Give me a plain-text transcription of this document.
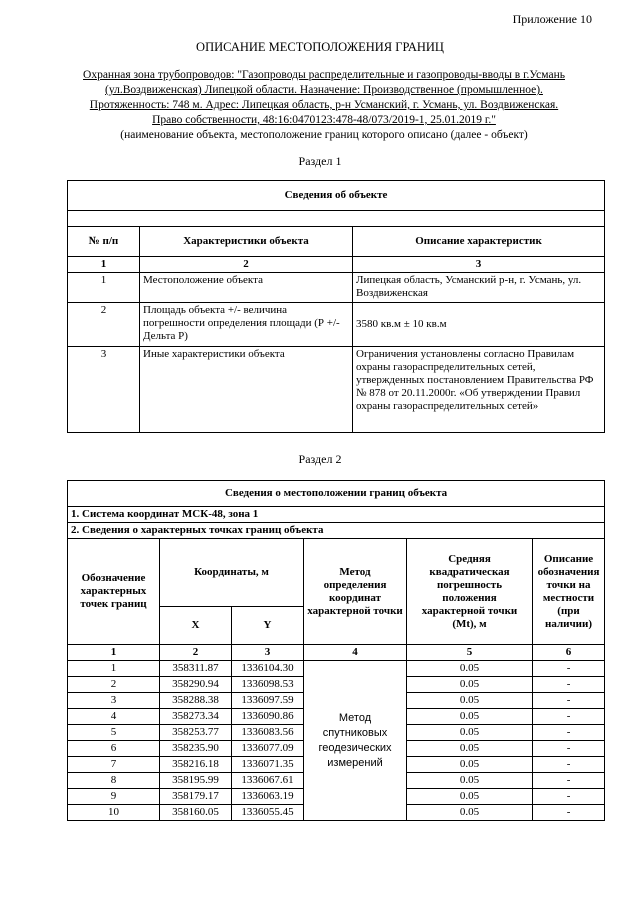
Приложение 10
ОПИСАНИЕ МЕСТОПОЛОЖЕНИЯ ГРАНИЦ
Охранная зона трубопроводов: "Газопроводы распределительные и газопроводы-вводы в г.Усмань
(ул.Воздвиженская) Липецкой области. Назначение: Производственное (промышленное).
Протяженность: 748 м. Адрес: Липецкая область, р-н Усманский, г. Усмань, ул. Воздвиженская.
Право собственности, 48:16:0470123:478-48/073/2019-1, 25.01.2019 г."
(наименование объекта, местоположение границ которого описано (далее - объект)
Раздел 1
Сведения об объекте		

№ п/п	Характеристики объекта	Описание характеристик
1	2	3
1	Местоположение объекта	Липецкая область, Усманский р-н, г. Усмань, ул. Воздвиженская
2	Площадь объекта +/- величина погрешности определения площади (Р +/- Дельта Р)	3580 кв.м ± 10 кв.м
3	Иные характеристики объекта	Ограничения установлены согласно Правилам охраны газораспределительных сетей, утвержденных постановлением Правительства РФ № 878 от 20.11.2000г. «Об утверждении Правил охраны газораспределительных сетей»
Раздел 2
Сведения о местоположении границ объекта					
1. Система координат МСК-48, зона 1					
2. Сведения о характерных точках границ объекта					
Обозначение характерных точек границ	Координаты, м		Метод определения координат характерной точки	Средняя квадратическая погрешность положения характерной точки (Mt), м	Описание обозначения точки на местности (при наличии)
	X	Y			
1	2	3	4	5	6
1	358311.87	1336104.30	Метод спутниковых геодезических измерений	0.05	-
2	358290.94	1336098.53		0.05	-
3	358288.38	1336097.59		0.05	-
4	358273.34	1336090.86		0.05	-
5	358253.77	1336083.56		0.05	-
6	358235.90	1336077.09		0.05	-
7	358216.18	1336071.35		0.05	-
8	358195.99	1336067.61		0.05	-
9	358179.17	1336063.19		0.05	-
10	358160.05	1336055.45		0.05	-
